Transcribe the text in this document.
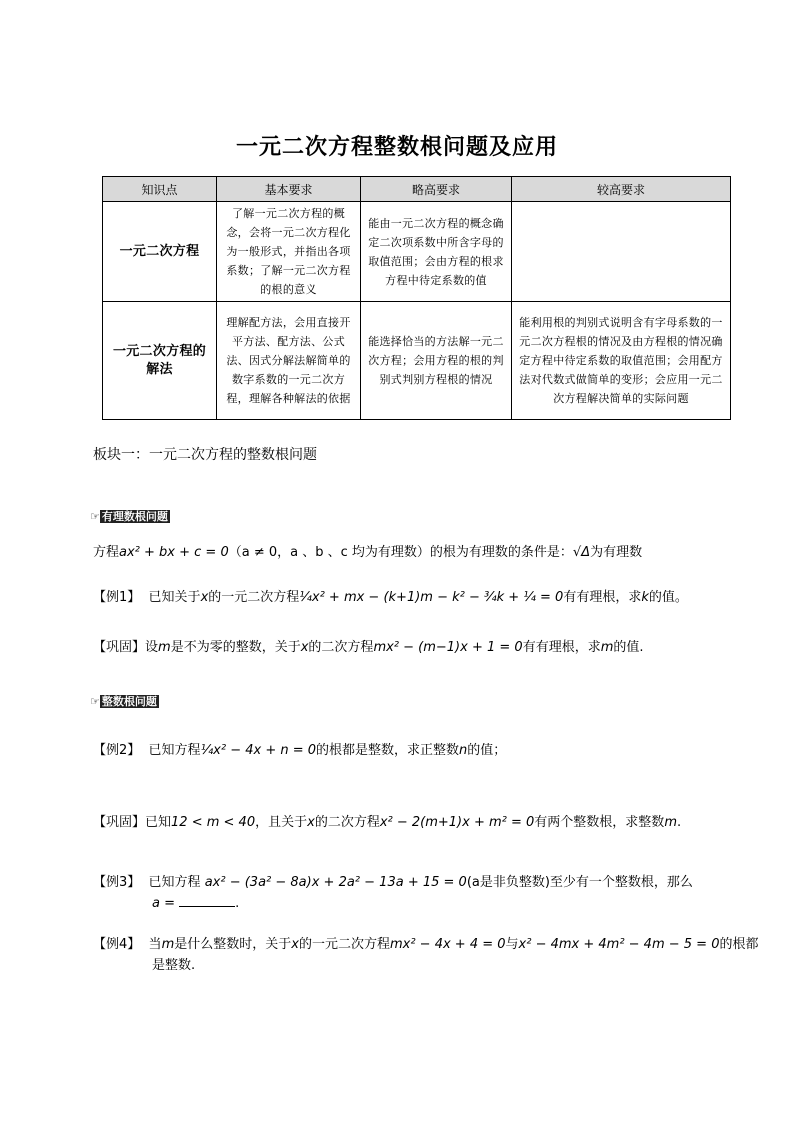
一元二次方程整数根问题及应用
知识点	基本要求	略高要求	较高要求
一元二次方程	了解一元二次方程的概念，会将一元二次方程化为一般形式，并指出各项系数；了解一元二次方程的根的意义	能由一元二次方程的概念确定二次项系数中所含字母的取值范围；会由方程的根求方程中待定系数的值	
一元二次方程的解法	理解配方法，会用直接开平方法、配方法、公式法、因式分解法解简单的数字系数的一元二次方程，理解各种解法的依据	能选择恰当的方法解一元二次方程；会用方程的根的判别式判别方程根的情况	能利用根的判别式说明含有字母系数的一元二次方程根的情况及由方程根的情况确定方程中待定系数的取值范围；会用配方法对代数式做简单的变形；会应用一元二次方程解决简单的实际问题
板块一：一元二次方程的整数根问题
☞ 有理数根问题
方程ax² + bx + c = 0（a ≠ 0，a 、b 、c 均为有理数）的根为有理数的条件是：√Δ为有理数
【例1】 已知关于x的一元二次方程¼x² + mx − (k+1)m − k² − ¾k + ¼ = 0有有理根，求k的值。
【巩固】设m是不为零的整数，关于x的二次方程mx² − (m−1)x + 1 = 0有有理根，求m的值.
☞ 整数根问题
【例2】 已知方程¼x² − 4x + n = 0的根都是整数，求正整数n的值；
【巩固】已知12 < m < 40，且关于x的二次方程x² − 2(m+1)x + m² = 0有两个整数根，求整数m.
【例3】 已知方程 ax² − (3a² − 8a)x + 2a² − 13a + 15 = 0(a是非负整数)至少有一个整数根，那么
a =	.
【例4】 当m是什么整数时，关于x的一元二次方程mx² − 4x + 4 = 0与x² − 4mx + 4m² − 4m − 5 = 0的根都
是整数.
